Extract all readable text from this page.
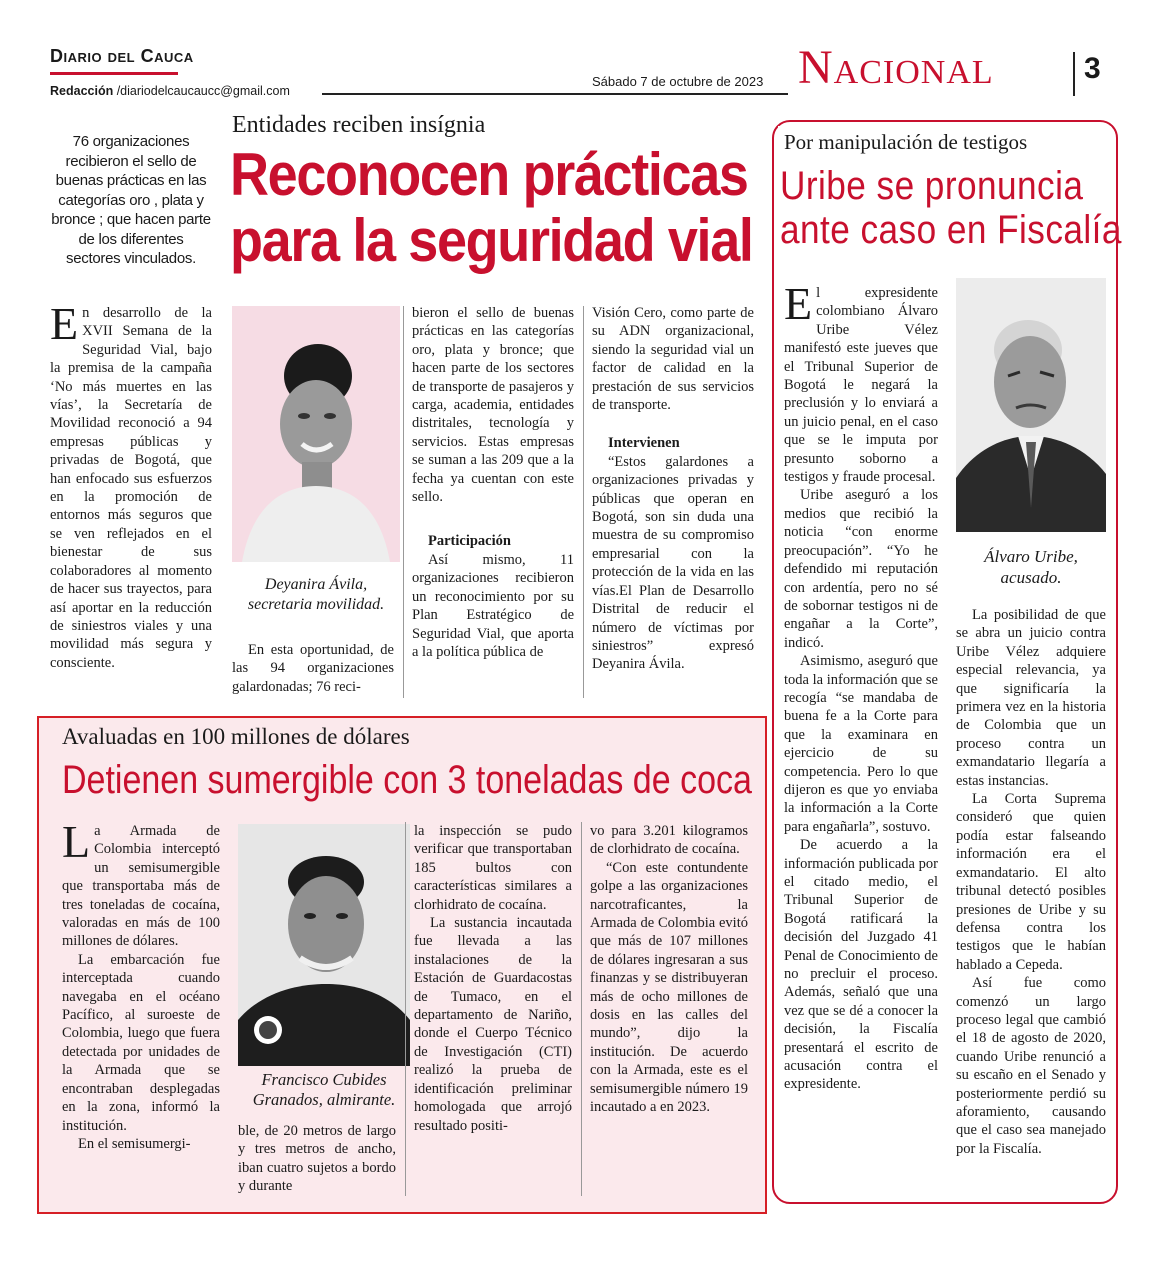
Diario del Cauca
Redacción /diariodelcaucaucc@gmail.com
Sábado 7 de octubre de 2023 Nacional	3
76 organizaciones recibieron el sello de buenas prácticas en las categorías oro , plata y bronce ; que hacen parte de los diferentes sectores vinculados.
Entidades reciben insígnia
Reconocen prácticas
para la seguridad vial

En desarrollo de la XVII Semana de la Seguridad Vial, bajo la premisa de la campaña ‘No más muertes en las vías’, la Secretaría de Movilidad reconoció a 94 empresas públicas y privadas de Bogotá, que han enfocado sus esfuerzos en la promoción de entornos más seguros que se ven reflejados en el bienestar de sus colaboradores al momento de hacer sus trayectos, para así aportar en la reducción de siniestros viales y una movilidad más segura y consciente.

Deyanira Ávila,
secretaria movilidad.

En esta oportunidad, de las 94 organizaciones galardonadas; 76 reci-

bieron el sello de buenas prácticas en las categorías oro, plata y bronce; que hacen parte de los sectores de transporte de pasajeros y carga, academia, entidades distritales, tecnología y servicios. Estas empresas se suman a las 209 que a la fecha ya cuentan con este sello.

Participación

Así mismo, 11 organizaciones recibieron un reconocimiento por su Plan Estratégico de Seguridad Vial, que aporta a la política pública de

Visión Cero, como parte de su ADN organizacional, siendo la seguridad vial un factor de calidad en la prestación de sus servicios de transporte.

Intervienen

“Estos galardones a organizaciones privadas y públicas que operan en Bogotá, son sin duda una muestra de su compromiso empresarial con la protección de la vida en las vías.El Plan de Desarrollo Distrital de reducir el número de víctimas por siniestros” expresó Deyanira Ávila.

Por manipulación de testigos
Uribe se pronuncia
ante caso en Fiscalía

El expresidente colombiano Álvaro Uribe Vélez manifestó este jueves que el Tribunal Superior de Bogotá le negará la preclusión y lo enviará a un juicio penal, en el caso que se le imputa por presunto soborno a testigos y fraude procesal.

Uribe aseguró a los medios que recibió la noticia “con enorme preocupación”. “Yo he defendido mi reputación con ardentía, pero no sé de sobornar testigos ni de engañar a la Corte”, indicó.

Asimismo, aseguró que toda la información que se recogía “se mandaba de buena fe a la Corte para que la examinara en ejercicio de su competencia. Pero lo que dijeron es que yo enviaba la información a la Corte para engañarla”, sostuvo.

De acuerdo a la información publicada por el citado medio, el Tribunal Superior de Bogotá ratificará la decisión del Juzgado 41 Penal de Conocimiento de no precluir el proceso. Además, señaló que una vez que se dé a conocer la decisión, la Fiscalía presentará el escrito de acusación contra el expresidente.

Álvaro Uribe,
acusado.

La posibilidad de que se abra un juicio contra Uribe Vélez adquiere especial relevancia, ya que significaría la primera vez en la historia de Colombia que un proceso contra un exmandatario llegaría a estas instancias.

La Corta Suprema consideró que quien podía estar falseando información era el exmandatario. El alto tribunal detectó posibles presiones de Uribe y su defensa contra los testigos que le habían hablado a Cepeda.

Así fue como comenzó un largo proceso legal que cambió el 18 de agosto de 2020, cuando Uribe renunció a su escaño en el Senado y posteriormente perdió su aforamiento, causando que el caso sea manejado por la Fiscalía.

Avaluadas en 100 millones de dólares
Detienen sumergible con 3 toneladas de coca

La Armada de Colombia interceptó un semisumergible que transportaba más de tres toneladas de cocaína, valoradas en más de 100 millones de dólares.

La embarcación fue interceptada cuando navegaba en el océano Pacífico, al suroeste de Colombia, luego que fuera detectada por unidades de la Armada que se encontraban desplegadas en la zona, informó la institución.

En el semisumergi-

Francisco Cubides
Granados, almirante.

ble, de 20 metros de largo y tres metros de ancho, iban cuatro sujetos a bordo y durante

la inspección se pudo verificar que transportaban 185 bultos con características similares a clorhidrato de cocaína.

La sustancia incautada fue llevada a las instalaciones de la Estación de Guardacostas de Tumaco, en el departamento de Nariño, donde el Cuerpo Técnico de Investigación (CTI) realizó la prueba de identificación preliminar homologada que arrojó resultado positi-

vo para 3.201 kilogramos de clorhidrato de cocaína.

“Con este contundente golpe a las organizaciones narcotraficantes, la Armada de Colombia evitó que más de 107 millones de dólares ingresaran a sus finanzas y se distribuyeran más de ocho millones de dosis en las calles del mundo”, dijo la institución. De acuerdo con la Armada, este es el semisumergible número 19 incautado a en 2023.
